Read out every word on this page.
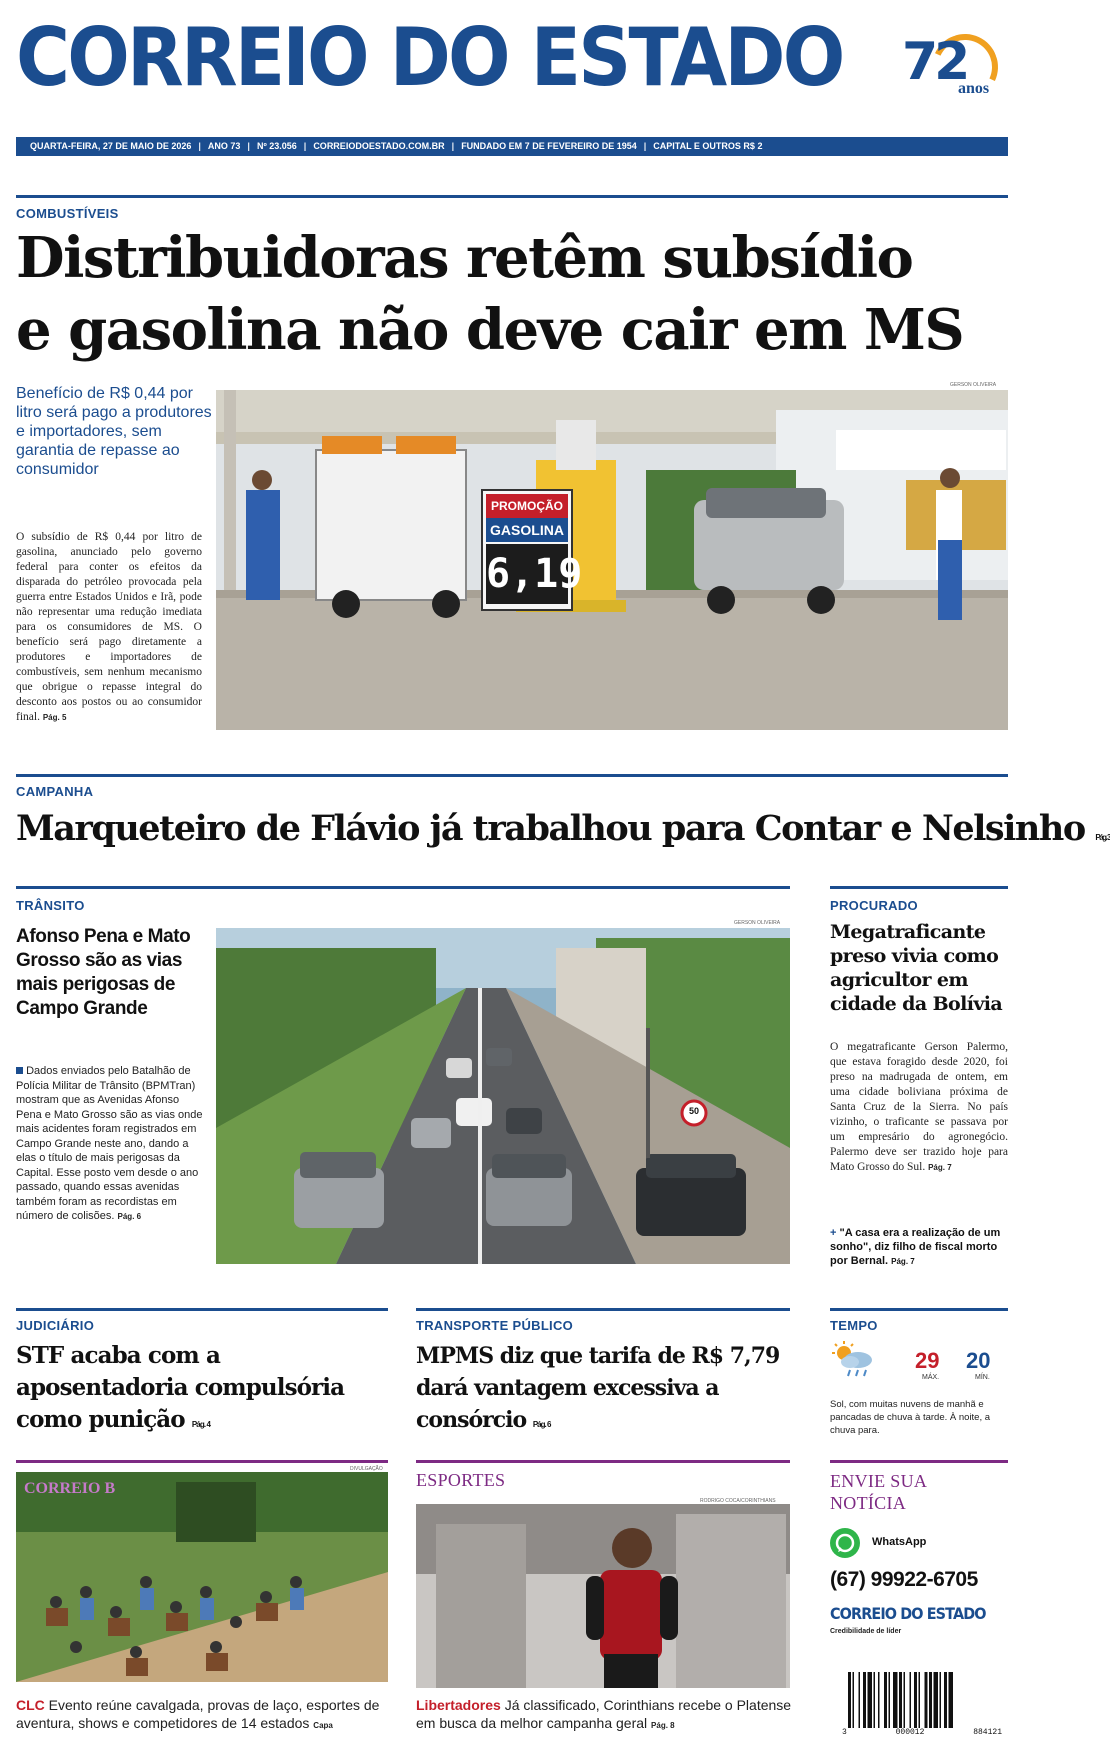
CORREIO DO ESTADO 72
anos
QUARTA-FEIRA, 27 DE MAIO DE 2026 | ANO 73 | Nº 23.056 | CORREIODOESTADO.COM.BR | FUNDADO EM 7 DE FEVEREIRO DE 1954 | CAPITAL E OUTROS R$ 2
COMBUSTÍVEIS
Distribuidoras retêm subsídio
e gasolina não deve cair em MS
Benefício de R$ 0,44 por litro será pago a produtores e importadores, sem garantia de repasse ao consumidor
O subsídio de R$ 0,44 por litro de gasolina, anunciado pelo governo federal para conter os efeitos da disparada do petróleo provocada pela guerra entre Estados Unidos e Irã, pode não representar uma redução imediata para os consumidores de MS. O benefício será pago diretamente a produtores e importadores de combustíveis, sem nenhum mecanismo que obrigue o repasse integral do desconto aos postos ou ao consumidor final. Pág. 5
GERSON OLIVEIRA
PROMOÇÃO
GASOLINA
6,19
CAMPANHA
Marqueteiro de Flávio já trabalhou para Contar e Nelsinho Pág. 3
TRÂNSITO
Afonso Pena e Mato Grosso são as vias mais perigosas de Campo Grande
Dados enviados pelo Batalhão de Polícia Militar de Trânsito (BPMTran) mostram que as Avenidas Afonso Pena e Mato Grosso são as vias onde mais acidentes foram registrados em Campo Grande neste ano, dando a elas o título de mais perigosas da Capital. Esse posto vem desde o ano passado, quando essas avenidas também foram as recordistas em número de colisões. Pág. 6
GERSON OLIVEIRA
50
PROCURADO
Megatraficante preso vivia como agricultor em cidade da Bolívia
O megatraficante Gerson Palermo, que estava foragido desde 2020, foi preso na madrugada de ontem, em uma cidade boliviana próxima de Santa Cruz de la Sierra. No país vizinho, o traficante se passava por um empresário do agronegócio. Palermo deve ser trazido hoje para Mato Grosso do Sul. Pág. 7
+ "A casa era a realização de um sonho", diz filho de fiscal morto por Bernal. Pág. 7
JUDICIÁRIO
STF acaba com a aposentadoria compulsória como punição Pág. 4
TRANSPORTE PÚBLICO
MPMS diz que tarifa de R$ 7,79 dará vantagem excessiva a consórcio Pág. 6
TEMPO
29
MÁX.
20
MÍN.
Sol, com muitas nuvens de manhã e pancadas de chuva à tarde. À noite, a chuva para.
DIVULGAÇÃO
CORREIO B
CLC Evento reúne cavalgada, provas de laço, esportes de aventura, shows e competidores de 14 estados Capa
ESPORTES
RODRIGO COCA/CORINTHIANS
Libertadores Já classificado, Corinthians recebe o Platense em busca da melhor campanha geral Pág. 8
ENVIE SUA
NOTÍCIA
WhatsApp
(67) 99922-6705
CORREIO DO ESTADO
Credibilidade de líder
3	000012	884121
